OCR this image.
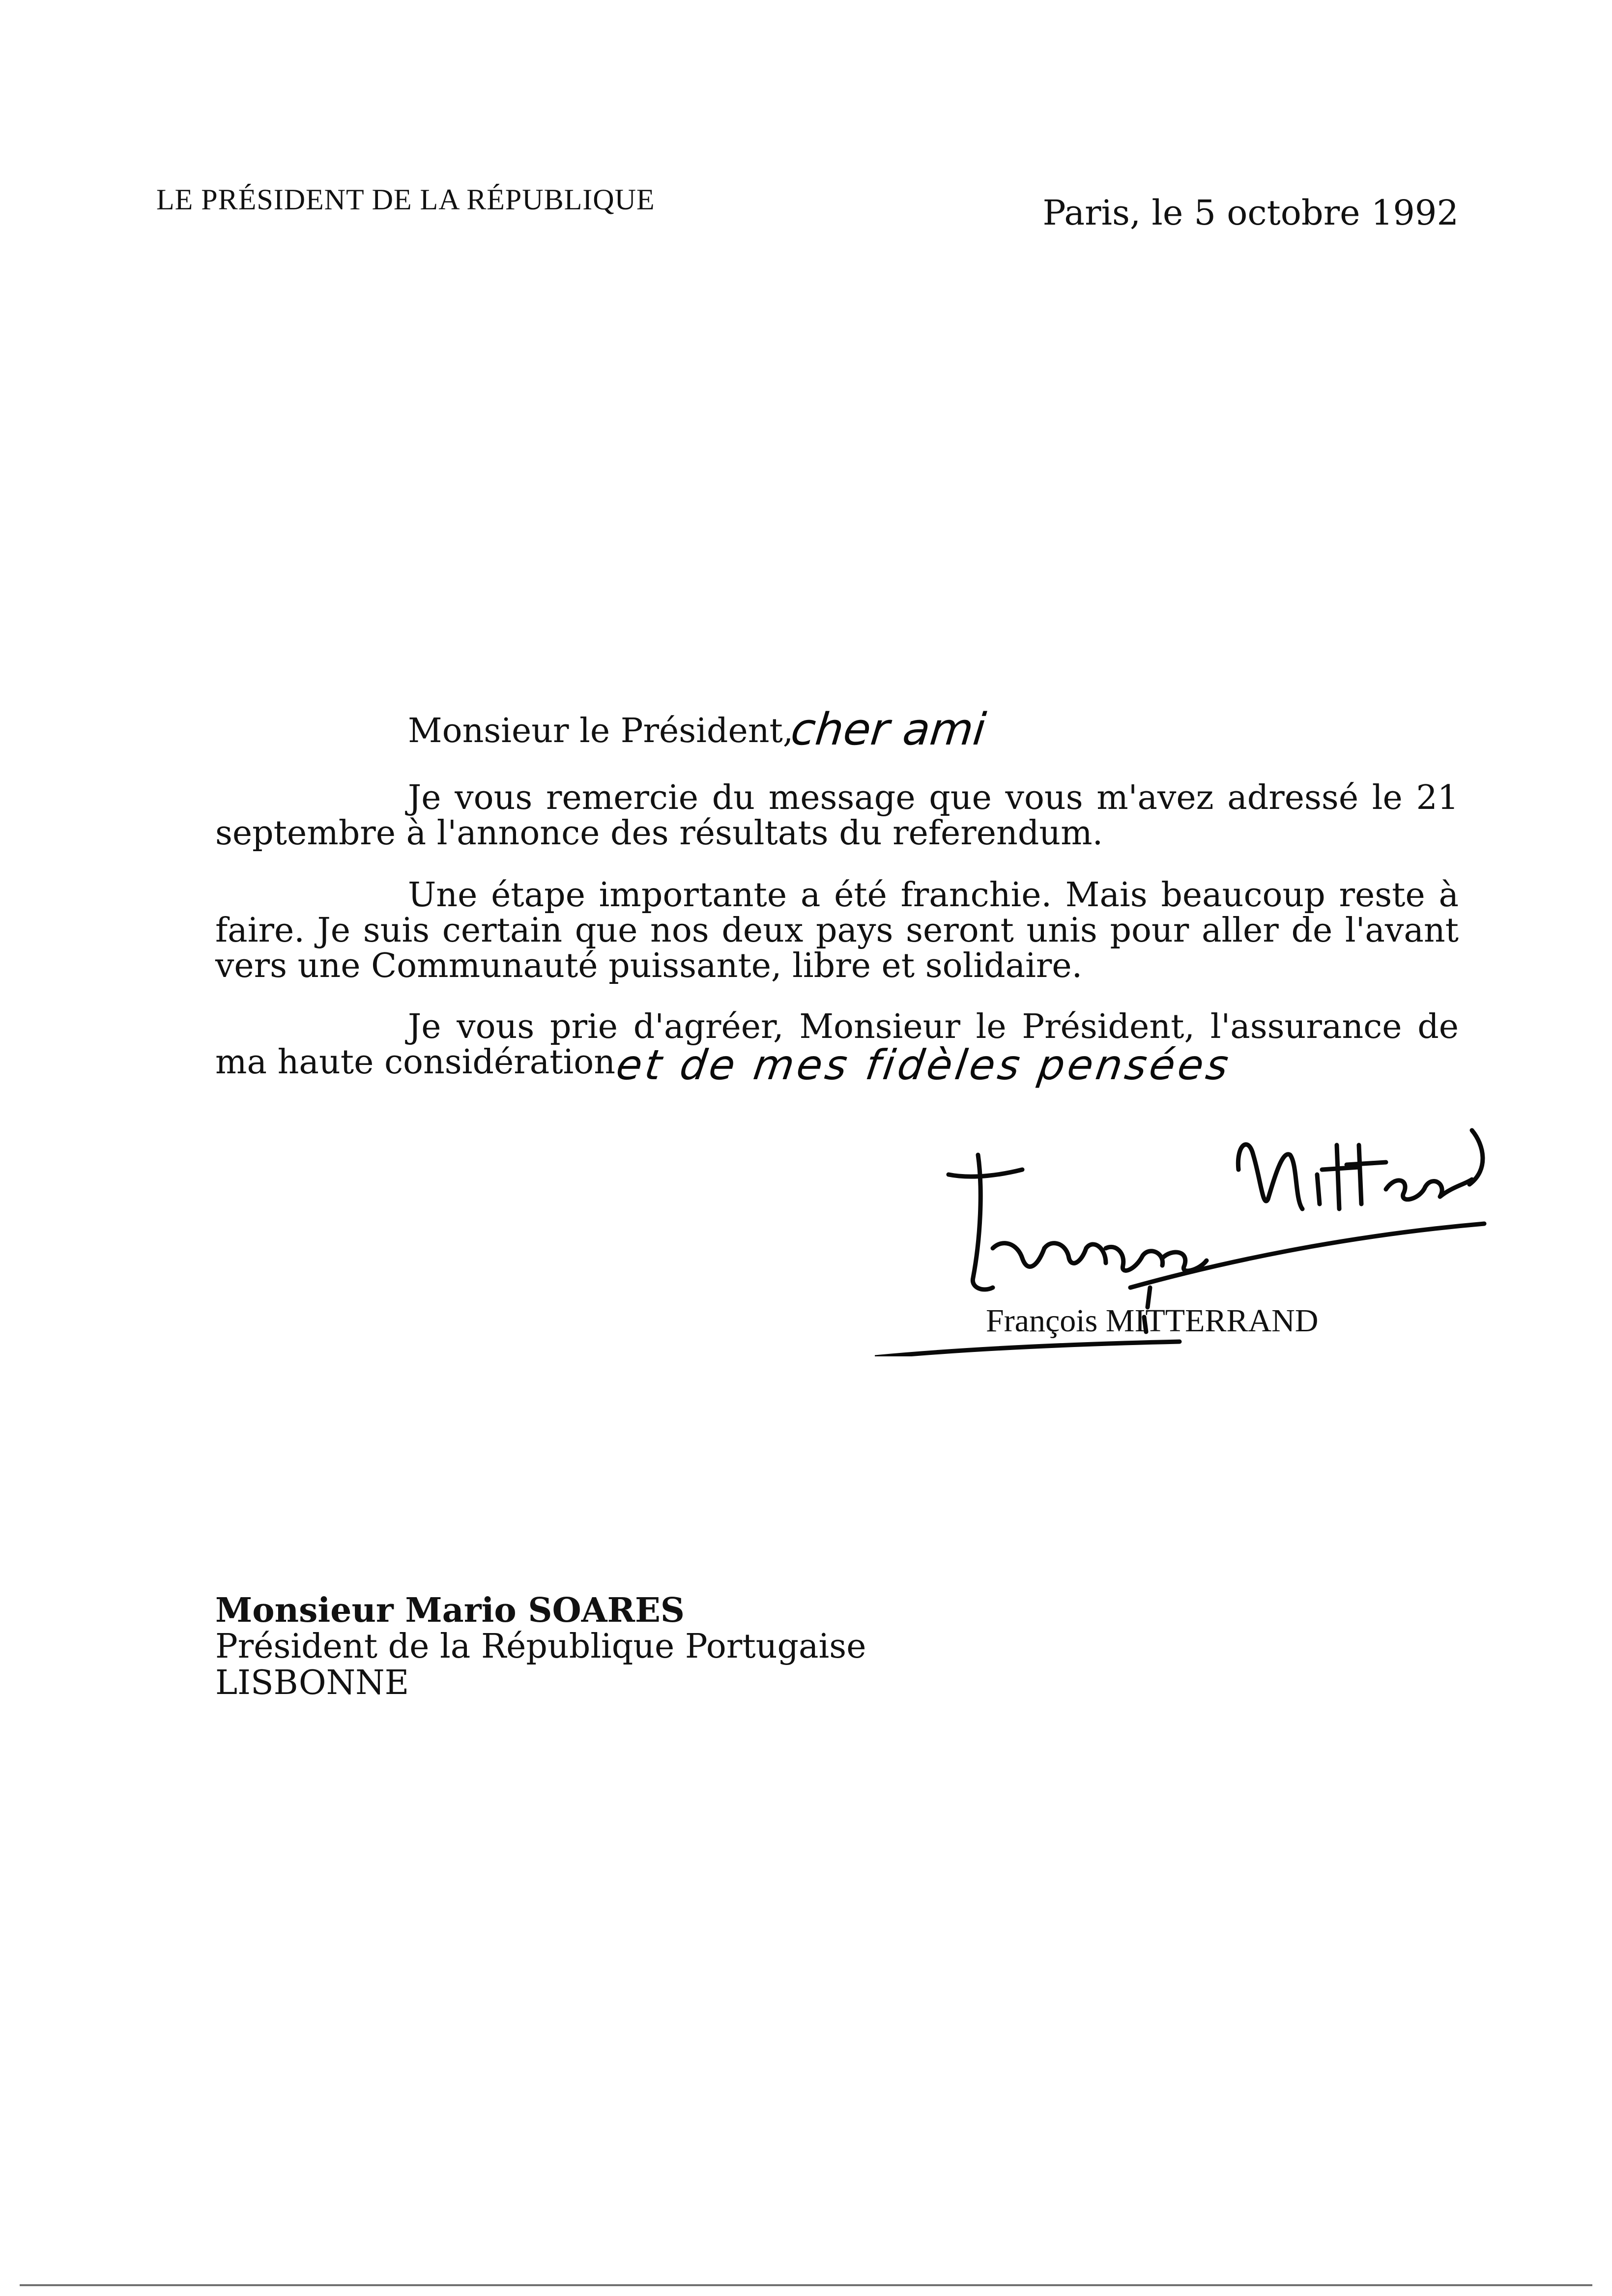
LE PRÉSIDENT DE LA RÉPUBLIQUE	Paris, le 5 octobre 1992
Monsieur le Président,
cher ami

Je vous remercie du message que vous m'avez adressé le 21 septembre à l'annonce des résultats du referendum.

Une étape importante a été franchie. Mais beaucoup reste à faire. Je suis certain que nos deux pays seront unis pour aller de l'avant vers une Communauté puissante, libre et solidaire.

Je vous prie d'agréer, Monsieur le Président, l'assurance de ma haute considération

et de mes fidèles pensées
François MITTERRAND
Monsieur Mario SOARES
Président de la République Portugaise
LISBONNE
